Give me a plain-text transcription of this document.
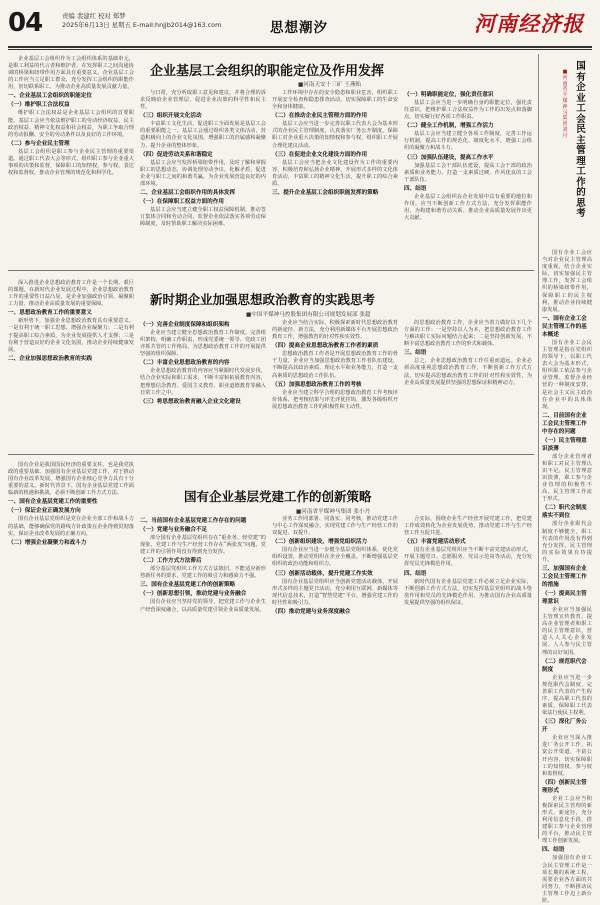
04	责编 裴建红 校对 郑梦
2025年6月13日 星期五 E-mail:hnjjb2014@163.com	思想潮汐	河南经济报
企业基层工会组织的职能定位及作用发挥
■河南天安十三矿 王燕贻

企业基层工会组织作为工会组织体系的基础单元，是职工利益的代言者和维护者，在发挥职工之间沟通协调的桥梁和纽带作用方面具有重要意义。企业基层工会的工作应当立足职工群众，充分发挥工会组织的职能作用，密切联系职工，为推动企业高质量发展贡献力量。

一、企业基层工会组织的职能定位

（一）维护职工合法权益

维护职工合法权益是企业基层工会组织的首要职能。基层工会应当依法维护职工的劳动经济权益、民主政治权益、精神文化权益和社会权益，为职工争取合理的劳动报酬、安全的劳动条件以及良好的工作环境。

（二）参与企业民主管理

基层工会组织是职工参与企业民主管理的重要渠道。通过职工代表大会等形式，组织职工参与企业重大事项的决策和监督，保障职工的知情权、参与权、表达权和监督权，推动企业管理的规范化和科学化。

与日常，充分听取职工意见和建议，并将合理的诉求反映给企业管理层，促进企业决策的科学性和民主性。

（三）组织开展文化活动

丰富职工文化生活，促进职工全面发展是基层工会的重要职能之一。基层工会通过组织各类文体活动，营造积极向上的企业文化氛围，增强职工的归属感和凝聚力，提升企业的整体形象。

（四）促进劳动关系和谐稳定

基层工会应当发挥桥梁纽带作用，及时了解和掌握职工的思想动态，协调处理劳动争议，化解矛盾，促进企业与职工之间的和谐共赢，为企业发展营造良好的内部环境。

二、企业基层工会组织作用的具体发挥

（一）在保障职工权益方面的作用

基层工会应当建立健全职工权益保障机制，推动签订集体合同和劳动合同，监督企业依法落实各项劳动保障制度，及时帮助职工解决实际困难。

工作环境中存在的安全隐患和职业危害，组织职工开展安全检查和隐患排查活动，切实保障职工的生命安全和身体健康。

（二）在推动企业民主管理方面的作用

基层工会应当进一步完善以职工代表大会为基本形式的企业民主管理制度，认真落实厂务公开制度，保障职工对企业重大决策的知情权和参与权，组织职工开展合理化建议活动。

（三）在促进企业文化建设方面的作用

基层工会应当把企业文化建设作为工作的重要内容，积极培育和弘扬企业精神，开展形式多样的文化体育活动，丰富职工的精神文化生活，提升职工的综合素质。

三、提升企业基层工会组织职能发挥的策略

（一）明确职能定位，强化责任意识

基层工会应当进一步明确自身的职能定位，强化责任意识，把维护职工合法权益作为工作的出发点和落脚点，切实履行好各项工作职责。

（二）健全工作机制，增强工作活力

基层工会应当建立健全各项工作制度，完善工作运行机制，提高工作的规范化、制度化水平，增强工会组织的凝聚力和战斗力。

（三）加强队伍建设，提高工作水平

加强基层工会干部队伍建设，提高工会干部的政治素质和业务能力，打造一支素质过硬、作风优良的工会干部队伍。

四、结语

企业基层工会组织在企业发展中具有重要的地位和作用，应当不断创新工作方式方法，充分发挥职能作用，为构建和谐劳动关系、推动企业高质量发展作出更大贡献。

新时期企业加强思想政治教育的实践思考
■中国平煤神马控股集团有限公司规划发展部 张超

深入推进企业思想政治教育工作是一个长期、艰巨的课题。在新时代企业发展过程中，企业思想政治教育工作的重要性日益凸显，是企业加强政治引领、凝聚职工力量、推动企业高质量发展的重要保障。

一、思想政治教育工作的重要意义

新形势下，加强企业思想政治教育具有重要意义。一是有利于统一职工思想，增强企业凝聚力；二是有利于提高职工综合素质，为企业发展提供人才支撑；三是有利于营造良好的企业文化氛围，推动企业持续健康发展。

二、企业加强思想政治教育的实践

（一）完善企业制度保障和组织架构

企业应当建立健全思想政治教育工作制度，完善组织架构，明确工作职责，形成党委统一领导、党政工团齐抓共管的工作格局，为思想政治教育工作的开展提供坚强的组织保障。

（二）丰富企业思想政治教育的内容

企业思想政治教育的内容应当紧跟时代发展步伐，结合企业实际和职工需求，不断丰富和拓展教育内容，把理想信念教育、爱国主义教育、职业道德教育等融入日常工作之中。

（三）将思想政治教育融入企业文化建设

企业应当结合实际，积极探索新时代思想政治教育的新途径、新方法，充分利用新媒体平台开展思想政治教育工作，增强教育的针对性和实效性。

（四）提高企业思想政治教育工作者的素质

思想政治教育工作者是开展思想政治教育工作的骨干力量。企业应当加强思想政治教育工作者队伍建设，不断提高其政治素质、理论水平和业务能力，打造一支高素质的思想政治工作队伍。

（五）加强思想政治教育工作的考核

企业应当建立科学合理的思想政治教育工作考核评价体系，把考核结果与评先评优挂钩，激发各级组织开展思想政治教育工作的积极性和主动性。

的思想政治教育工作，企业应当着力做好以下几个方面的工作：一是坚持以人为本，把思想政治教育工作与解决职工实际问题结合起来；二是坚持创新发展，不断丰富思想政治教育工作的形式和载体。

三、结语

总之，企业思想政治教育工作任重而道远。企业必须高度重视思想政治教育工作，不断创新工作方式方法，切实提高思想政治教育工作的针对性和实效性，为企业高质量发展提供坚强的思想保证和精神动力。

国有企业基层党建工作的创新策略
■河南省平煤神马集团 张小丹

国有企业是我国国民经济的重要支柱，也是我党执政的重要基础。加强国有企业基层党建工作，对于推动国有企业改革发展、增强国有企业核心竞争力具有十分重要的意义。新时代背景下，国有企业基层党建工作面临新的机遇和挑战，必须不断创新工作方式方法。

一、国有企业基层党建工作的重要性

（一）保证企业正确发展方向

国有企业基层党组织是党在企业全部工作和战斗力的基础，能够确保党的路线方针政策在企业得到贯彻落实，保证企业改革发展的正确方向。

（二）增强企业凝聚力和战斗力

二、当前国有企业基层党建工作存在的问题

（一）党建与业务融合不足

部分国有企业基层党组织存在“重业务、轻党建”的现象，党建工作与生产经营工作存在“两张皮”问题，党建工作的引领作用没有得到充分发挥。

（二）工作方式方法滞后

部分基层党组织工作方式方法陈旧，不能适应新形势新任务的要求，党建工作的吸引力和感染力不强。

三、国有企业基层党建工作的创新策略

（一）创新思想引领，推动党建与业务融合

国有企业应当坚持党的领导，把党建工作与企业生产经营深度融合，以高质量党建引领企业高质量发展。

业务工作同部署、同落实、同考核，推动党建工作与中心工作深度融合，实现党建工作与生产经营工作的双促进、双提升。

（二）创新组织建设，增强党组织活力

国有企业应当进一步健全基层党组织体系，优化党组织设置，推动党组织在企业全覆盖，不断增强基层党组织的政治功能和组织力。

（三）创新活动载体，提升党建工作实效

国有企业基层党组织应当创新党建活动载体，开展形式多样的主题党日活动，充分利用互联网、新媒体等现代信息技术，打造“智慧党建”平台，增强党建工作的时代性和吸引力。

（四）推动党建与业务深度融合

合实际，围绕企业生产经营开展党建工作，把党建工作成效转化为企业发展优势，推动党建工作与生产经营工作互促共进。

（五）丰富党建活动形式

国有企业基层党组织应当不断丰富党建活动形式，开展主题党日、志愿服务、党员示范岗等活动，充分发挥党员先锋模范作用。

四、结语

新时代国有企业基层党建工作必须立足企业实际，不断创新工作方式方法，切实发挥基层党组织的战斗堡垒作用和党员的先锋模范作用，为推动国有企业高质量发展提供坚强的组织保证。

国
有
企
业
工
会
民
主
管
理
工
作
的
思
考
■
河
南
省
平
煤
神
马
集
团
刘
丹

国有企业工会应当对企业民主管理高度重视，结合企业实际，切实加强民主管理工作，发挥工会组织的桥梁纽带作用，保障职工的民主权利，推动企业持续健康发展。

一、国有企业工会民主管理工作的基本概述

国有企业工会民主管理是指在党组织的领导下，以职工代表大会为基本形式，组织职工依法参与企业管理、监督企业经营的一种制度安排，是社会主义民主政治在企业中的具体体现。

二、目前国有企业工会民主管理工作中存在的问题

（一）民主管理意识淡薄

部分企业管理者和职工对民主管理认识不足，民主管理意识淡薄，职工参与企业管理的积极性不高，民主管理工作流于形式。

（二）职代会制度落实不到位

部分企业职代会制度不够健全，职工代表的作用没有得到充分发挥，民主管理的实际效果有待提升。

三、加强国有企业工会民主管理工作的措施

（一）提高民主管理意识

企业应当加强民主管理宣传教育，提高企业管理者和职工的民主管理意识，营造人人关心企业发展、人人参与民主管理的良好氛围。

（二）规范职代会制度

企业应当进一步规范职代会制度，完善职工代表的产生程序，提高职工代表的素质，保障职工代表依法行使民主权利。

（三）深化厂务公开

企业应当深入推进厂务公开工作，拓宽公开渠道，丰富公开内容，切实保障职工的知情权、参与权和监督权。

（四）创新民主管理形式

企业工会应当积极探索民主管理的新形式、新途径，充分利用信息化手段，搭建职工参与企业管理的平台，推动民主管理工作创新发展。

四、结语

加强国有企业工会民主管理工作是一项长期的系统工程，需要企业各方面的共同努力，不断推动民主管理工作迈上新台阶。
